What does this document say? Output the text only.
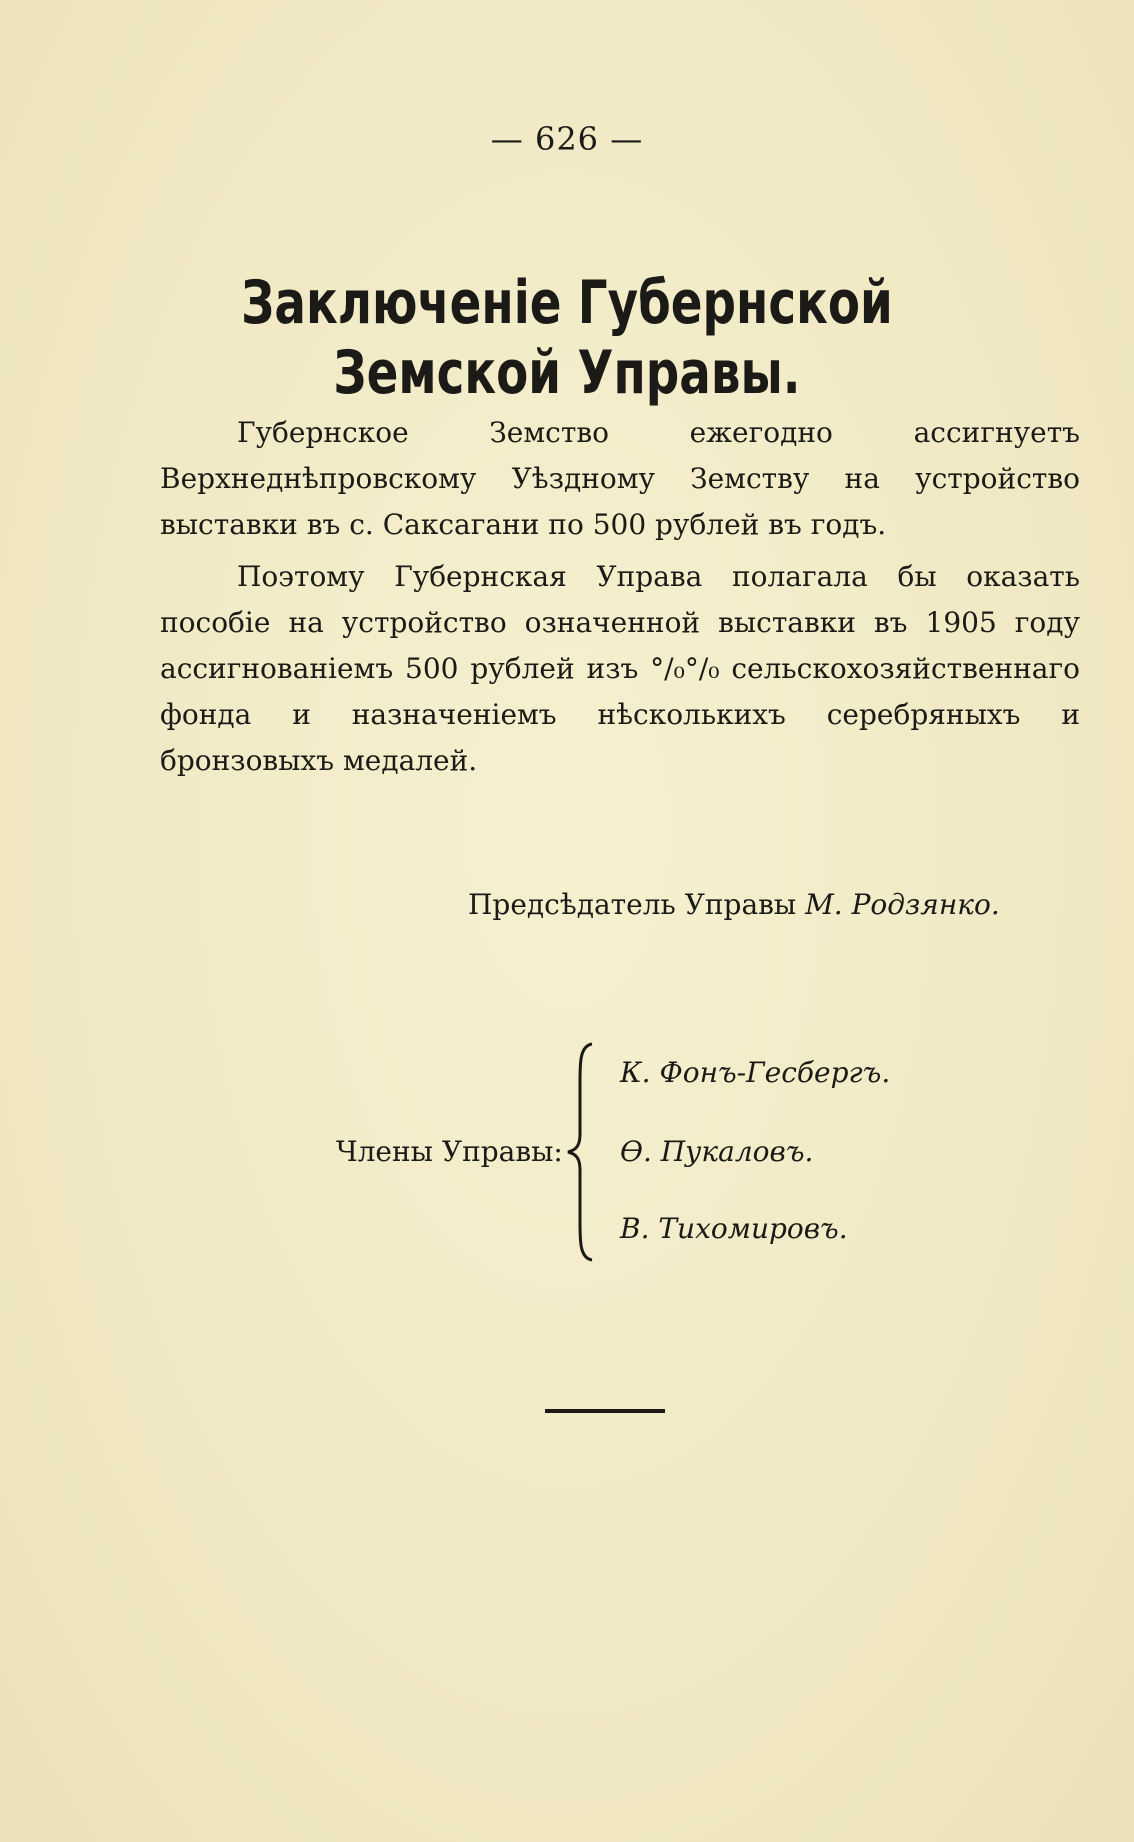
— 626 —
Заключенiе Губернской Земской Управы.

Губернское Земство ежегодно ассигнуетъ Верхнеднѣпровскому Уѣздному Земству на устройство выставки въ с. Саксагани по 500 рублей въ годъ.

Поэтому Губернская Управа полагала бы оказать пособiе на устройство означенной выставки въ 1905 году ассигнованiемъ 500 рублей изъ °/₀°/₀ сельскохозяйственнаго фонда и назначенiемъ нѣсколькихъ серебряныхъ и бронзовыхъ медалей.

Предсѣдатель Управы М. Родзянко.
Члены Управы:
К. Фонъ-Гесбергъ.
Ѳ. Пукаловъ.
В. Тихомировъ.
